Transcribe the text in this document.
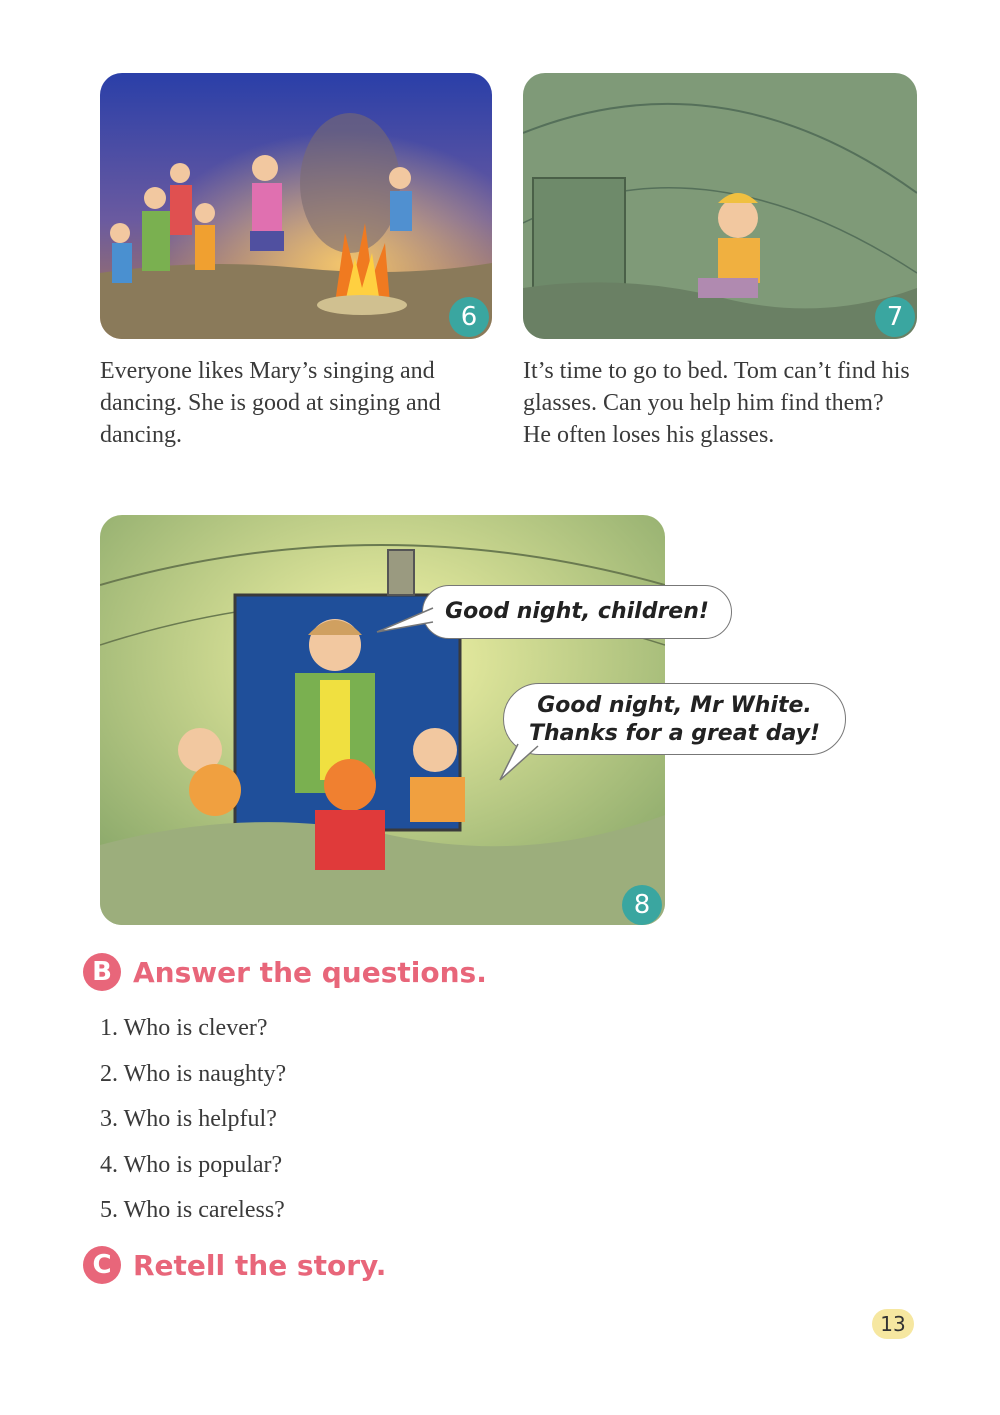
6	7

Everyone likes Mary’s singing and dancing. She is good at singing and dancing.

It’s time to go to bed. Tom can’t find his glasses. Can you help him find them? He often loses his glasses.

8
Good night, children!
Good night, Mr White.
Thanks for a great day!
B Answer the questions.
1. Who is clever?
2. Who is naughty?
3. Who is helpful?
4. Who is popular?
5. Who is careless?
C Retell the story.
13
